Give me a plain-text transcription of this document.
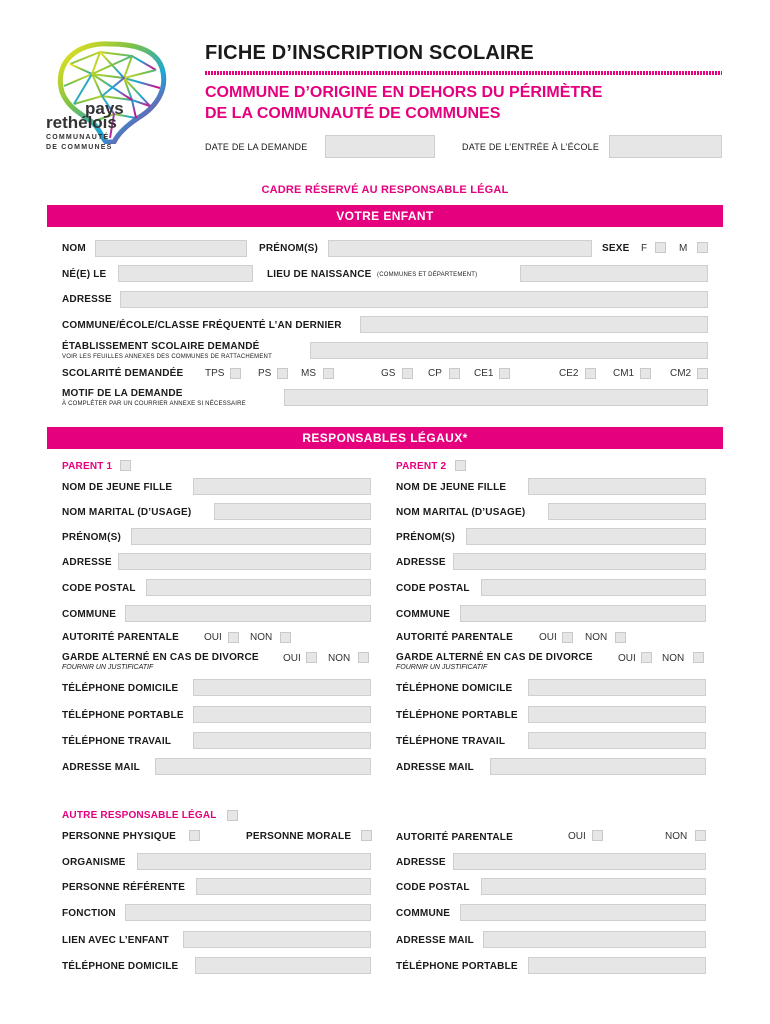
pays
rethélois
COMMUNAUTÉ
DE COMMUNES
FICHE D’INSCRIPTION SCOLAIRE
COMMUNE D’ORIGINE EN DEHORS DU PÉRIMÈTRE
DE LA COMMUNAUTÉ DE COMMUNES
DATE DE LA DEMANDE	DATE DE L’ENTRÉE À L’ÉCOLE
CADRE RÉSERVÉ AU RESPONSABLE LÉGAL
VOTRE ENFANT
NOM	PRÉNOM(S)	SEXE F	M
NÉ(E) LE	LIEU DE NAISSANCE (COMMUNES ET DÉPARTEMENT)
ADRESSE
COMMUNE/ÉCOLE/CLASSE FRÉQUENTÉ L’AN DERNIER
ÉTABLISSEMENT SCOLAIRE DEMANDÉ
VOIR LES FEUILLES ANNEXES DES COMMUNES DE RATTACHEMENT
SCOLARITÉ DEMANDÉE TPS	PS	MS	GS	CP	CE1	CE2	CM1	CM2
MOTIF DE LA DEMANDE
À COMPLÉTER PAR UN COURRIER ANNEXE SI NÉCESSAIRE
RESPONSABLES LÉGAUX*
PARENT 1
NOM DE JEUNE FILLE
NOM MARITAL (D’USAGE)
PRÉNOM(S)
ADRESSE
CODE POSTAL
COMMUNE
AUTORITÉ PARENTALE	OUI	NON
GARDE ALTERNÉ EN CAS DE DIVORCE
FOURNIR UN JUSTIFICATIF
OUI	NON
TÉLÉPHONE DOMICILE
TÉLÉPHONE PORTABLE
TÉLÉPHONE TRAVAIL
ADRESSE MAIL
PARENT 2
NOM DE JEUNE FILLE
NOM MARITAL (D’USAGE)
PRÉNOM(S)
ADRESSE
CODE POSTAL
COMMUNE
AUTORITÉ PARENTALE	OUI	NON
GARDE ALTERNÉ EN CAS DE DIVORCE
FOURNIR UN JUSTIFICATIF
OUI	NON
TÉLÉPHONE DOMICILE
TÉLÉPHONE PORTABLE
TÉLÉPHONE TRAVAIL
ADRESSE MAIL
AUTRE RESPONSABLE LÉGAL
PERSONNE PHYSIQUE	PERSONNE MORALE
ORGANISME
PERSONNE RÉFÉRENTE
FONCTION
LIEN AVEC L’ENFANT
TÉLÉPHONE DOMICILE
AUTORITÉ PARENTALE	OUI	NON
ADRESSE
CODE POSTAL
COMMUNE
ADRESSE MAIL
TÉLÉPHONE PORTABLE
